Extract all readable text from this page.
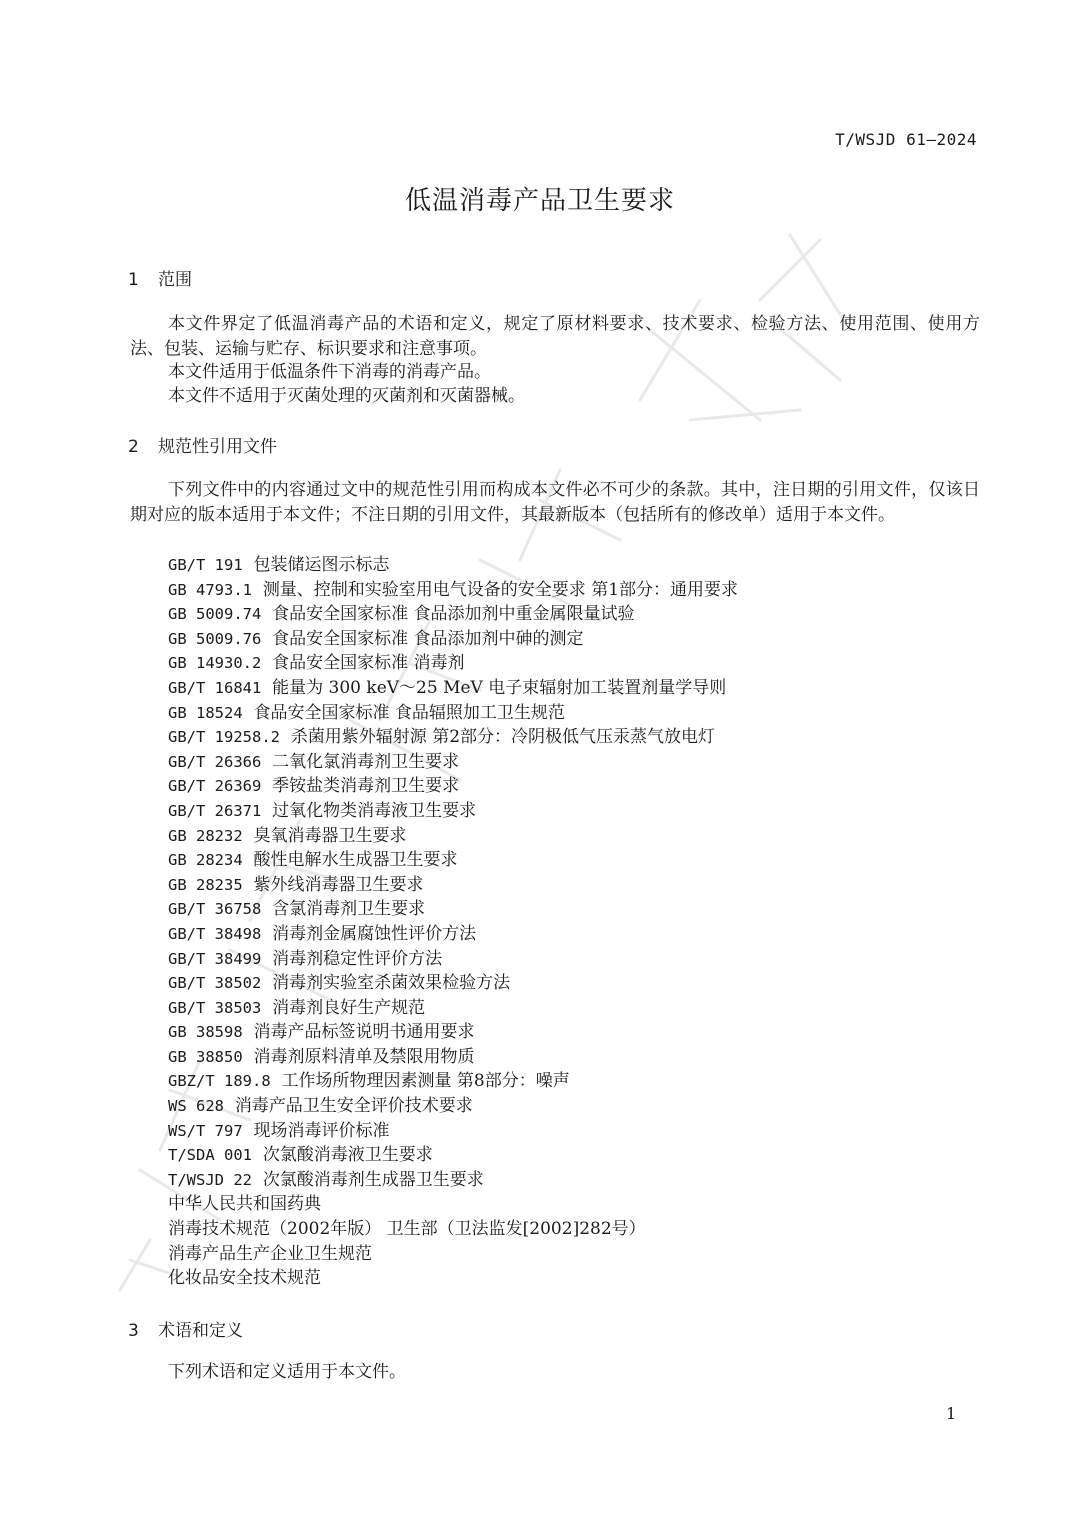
T/WSJD 61—2024
低温消毒产品卫生要求
1 范围

本文件界定了低温消毒产品的术语和定义，规定了原材料要求、技术要求、检验方法、使用范围、使用方法、包装、运输与贮存、标识要求和注意事项。

本文件适用于低温条件下消毒的消毒产品。

本文件不适用于灭菌处理的灭菌剂和灭菌器械。

2 规范性引用文件

下列文件中的内容通过文中的规范性引用而构成本文件必不可少的条款。其中，注日期的引用文件，仅该日期对应的版本适用于本文件；不注日期的引用文件，其最新版本（包括所有的修改单）适用于本文件。

GB/T 191 包装储运图示标志
GB 4793.1 测量、控制和实验室用电气设备的安全要求 第1部分：通用要求
GB 5009.74 食品安全国家标准 食品添加剂中重金属限量试验
GB 5009.76 食品安全国家标准 食品添加剂中砷的测定
GB 14930.2 食品安全国家标准 消毒剂
GB/T 16841 能量为 300 keV～25 MeV 电子束辐射加工装置剂量学导则
GB 18524 食品安全国家标准 食品辐照加工卫生规范
GB/T 19258.2 杀菌用紫外辐射源 第2部分：冷阴极低气压汞蒸气放电灯
GB/T 26366 二氧化氯消毒剂卫生要求
GB/T 26369 季铵盐类消毒剂卫生要求
GB/T 26371 过氧化物类消毒液卫生要求
GB 28232 臭氧消毒器卫生要求
GB 28234 酸性电解水生成器卫生要求
GB 28235 紫外线消毒器卫生要求
GB/T 36758 含氯消毒剂卫生要求
GB/T 38498 消毒剂金属腐蚀性评价方法
GB/T 38499 消毒剂稳定性评价方法
GB/T 38502 消毒剂实验室杀菌效果检验方法
GB/T 38503 消毒剂良好生产规范
GB 38598 消毒产品标签说明书通用要求
GB 38850 消毒剂原料清单及禁限用物质
GBZ/T 189.8 工作场所物理因素测量 第8部分：噪声
WS 628 消毒产品卫生安全评价技术要求
WS/T 797 现场消毒评价标准
T/SDA 001 次氯酸消毒液卫生要求
T/WSJD 22 次氯酸消毒剂生成器卫生要求
中华人民共和国药典
消毒技术规范（2002年版） 卫生部（卫法监发[2002]282号）
消毒产品生产企业卫生规范
化妆品安全技术规范
3 术语和定义

下列术语和定义适用于本文件。

1
